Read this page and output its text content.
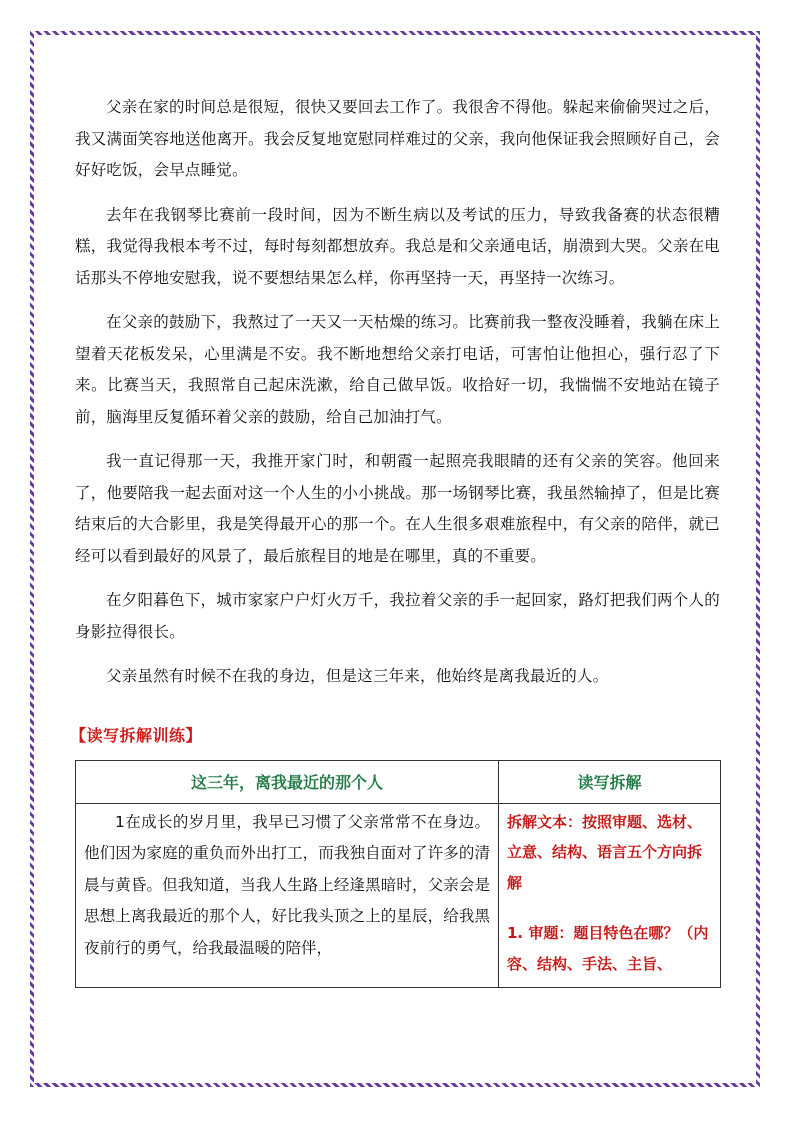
父亲在家的时间总是很短，很快又要回去工作了。我很舍不得他。躲起来偷偷哭过之后，我又满面笑容地送他离开。我会反复地宽慰同样难过的父亲，我向他保证我会照顾好自己，会好好吃饭，会早点睡觉。

去年在我钢琴比赛前一段时间，因为不断生病以及考试的压力，导致我备赛的状态很糟糕，我觉得我根本考不过，每时每刻都想放弃。我总是和父亲通电话，崩溃到大哭。父亲在电话那头不停地安慰我，说不要想结果怎么样，你再坚持一天，再坚持一次练习。

在父亲的鼓励下，我熬过了一天又一天枯燥的练习。比赛前我一整夜没睡着，我躺在床上望着天花板发呆，心里满是不安。我不断地想给父亲打电话，可害怕让他担心，强行忍了下来。比赛当天，我照常自己起床洗漱，给自己做早饭。收拾好一切，我惴惴不安地站在镜子前，脑海里反复循环着父亲的鼓励，给自己加油打气。

我一直记得那一天，我推开家门时，和朝霞一起照亮我眼睛的还有父亲的笑容。他回来了，他要陪我一起去面对这一个人生的小小挑战。那一场钢琴比赛，我虽然输掉了，但是比赛结束后的大合影里，我是笑得最开心的那一个。在人生很多艰难旅程中，有父亲的陪伴，就已经可以看到最好的风景了，最后旅程目的地是在哪里，真的不重要。

在夕阳暮色下，城市家家户户灯火万千，我拉着父亲的手一起回家，路灯把我们两个人的身影拉得很长。

父亲虽然有时候不在我的身边，但是这三年来，他始终是离我最近的人。

【读写拆解训练】
这三年，离我最近的那个人	读写拆解
1在成长的岁月里，我早已习惯了父亲常常不在身边。他们因为家庭的重负而外出打工，而我独自面对了许多的清晨与黄昏。但我知道，当我人生路上经逢黑暗时，父亲会是思想上离我最近的那个人，好比我头顶之上的星辰，给我黑夜前行的勇气，给我最温暖的陪伴，	拆解文本：按照审题、选材、立意、结构、语言五个方向拆解

1. 审题：题目特色在哪？（内容、结构、手法、主旨、
